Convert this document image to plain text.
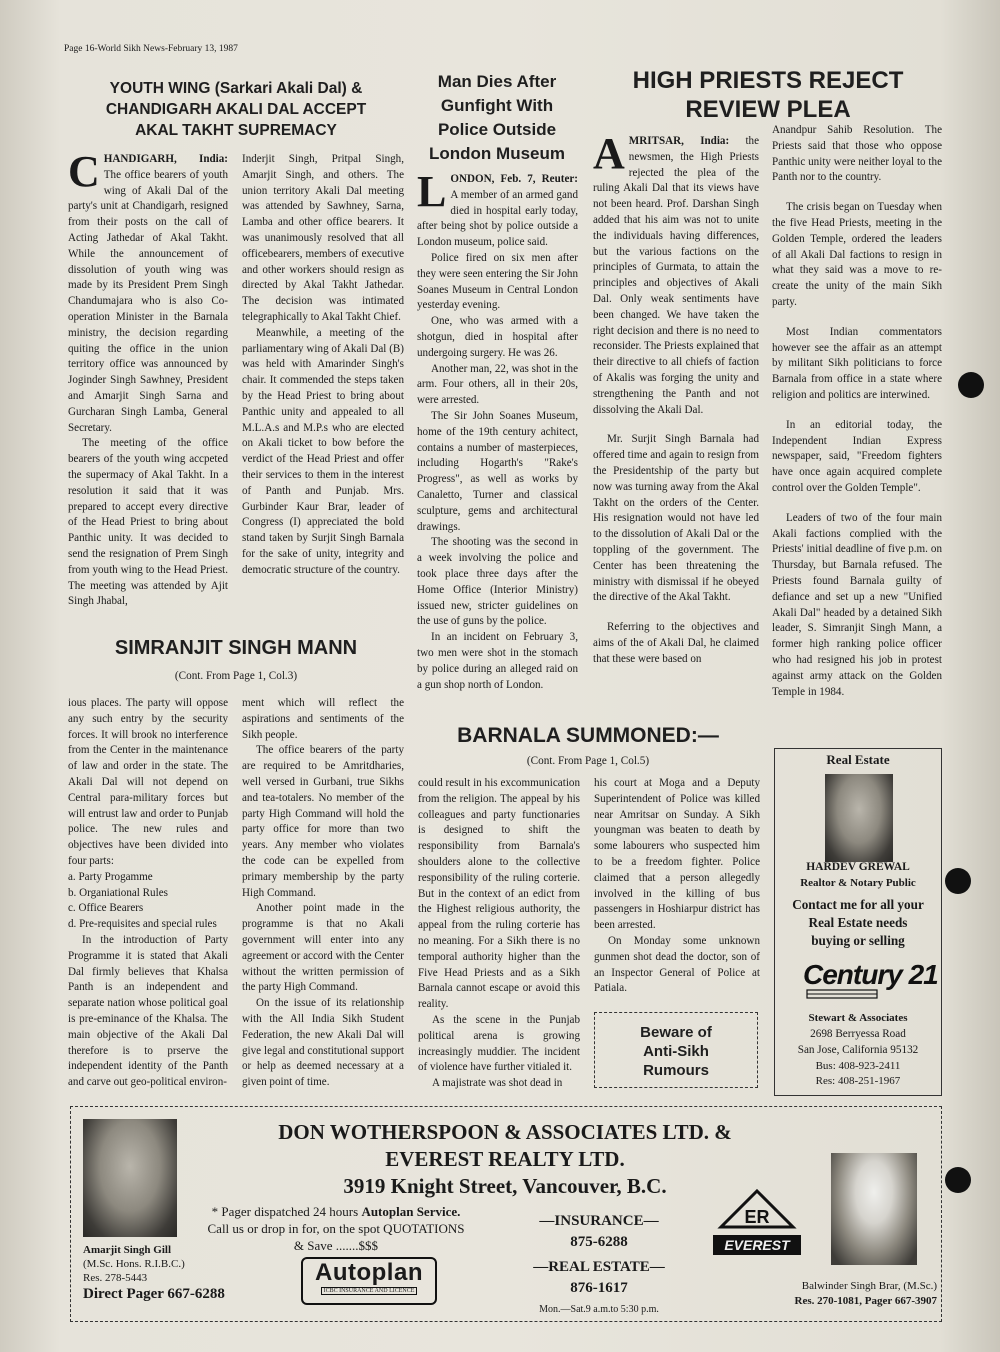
Page 16-World Sikh News-February 13, 1987
YOUTH WING (Sarkari Akali Dal) &
CHANDIGARH AKALI DAL ACCEPT
AKAL TAKHT SUPREMACY

CHANDIGARH, India: The office bearers of youth wing of Akali Dal of the party's unit at Chandigarh, resigned from their posts on the call of Acting Jathedar of Akal Takht. While the announcement of dissolution of youth wing was made by its President Prem Singh Chandumajara who is also Co-operation Minister in the Barnala ministry, the decision regarding quiting the office in the union territory office was announced by Joginder Singh Sawhney, President and Amarjit Singh Sarna and Gurcharan Singh Lamba, General Secretary.

The meeting of the office bearers of the youth wing accpeted the supermacy of Akal Takht. In a resolution it said that it was prepared to accept every directive of the Head Priest to bring about Panthic unity. It was decided to send the resignation of Prem Singh from youth wing to the Head Priest. The meeting was attended by Ajit Singh Jhabal,

Inderjit Singh, Pritpal Singh, Amarjit Singh, and others. The union territory Akali Dal meeting was attended by Sawhney, Sarna, Lamba and other office bearers. It was unanimously resolved that all officebearers, members of executive and other workers should resign as directed by Akal Takht Jathedar. The decision was intimated telegraphically to Akal Takht Chief.

Meanwhile, a meeting of the parliamentary wing of Akali Dal (B) was held with Amarinder Singh's chair. It commended the steps taken by the Head Priest to bring about Panthic unity and appealed to all M.L.A.s and M.P.s who are elected on Akali ticket to bow before the verdict of the Head Priest and offer their services to them in the interest of Panth and Punjab. Mrs. Gurbinder Kaur Brar, leader of Congress (I) appreciated the bold stand taken by Surjit Singh Barnala for the sake of unity, integrity and democratic structure of the country.

Man Dies After
Gunfight With
Police Outside
London Museum

LONDON, Feb. 7, Reuter: A member of an armed gand died in hospital early today, after being shot by police outside a London museum, police said.

Police fired on six men after they were seen entering the Sir John Soanes Museum in Central London yesterday evening.

One, who was armed with a shotgun, died in hospital after undergoing surgery. He was 26.

Another man, 22, was shot in the arm. Four others, all in their 20s, were arrested.

The Sir John Soanes Museum, home of the 19th century achitect, contains a number of masterpieces, including Hogarth's "Rake's Progress", as well as works by Canaletto, Turner and classical sculpture, gems and architectural drawings.

The shooting was the second in a week involving the police and took place three days after the Home Office (Interior Ministry) issued new, stricter guidelines on the use of guns by the police.

In an incident on February 3, two men were shot in the stomach by police during an alleged raid on a gun shop north of London.

HIGH PRIESTS REJECT
REVIEW PLEA

AMRITSAR, India: the newsmen, the High Priests rejected the plea of the ruling Akali Dal that its views have not been heard. Prof. Darshan Singh added that his aim was not to unite the individuals having differences, but the various factions on the principles of Gurmata, to attain the principles and objectives of Akali Dal. Only weak sentiments have been changed. We have taken the right decision and there is no need to reconsider. The Priests explained that their directive to all chiefs of faction of Akalis was forging the unity and strengthening the Panth and not dissolving the Akali Dal.

Mr. Surjit Singh Barnala had offered time and again to resign from the Presidentship of the party but now was turning away from the Akal Takht on the orders of the Center. His resignation would not have led to the dissolution of Akali Dal or the toppling of the government. The Center has been threatening the ministry with dismissal if he obeyed the directive of the Akal Takht.

Referring to the objectives and aims of the of Akali Dal, he claimed that these were based on

Anandpur Sahib Resolution. The Priests said that those who oppose Panthic unity were neither loyal to the Panth nor to the country.

The crisis began on Tuesday when the five Head Priests, meeting in the Golden Temple, ordered the leaders of all Akali Dal factions to resign in what they said was a move to re-create the unity of the main Sikh party.

Most Indian commentators however see the affair as an attempt by militant Sikh politicians to force Barnala from office in a state where religion and politics are interwined.

In an editorial today, the Independent Indian Express newspaper, said, "Freedom fighters have once again acquired complete control over the Golden Temple".

Leaders of two of the four main Akali factions complied with the Priests' initial deadline of five p.m. on Thursday, but Barnala refused. The Priests found Barnala guilty of defiance and set up a new "Unified Akali Dal" headed by a detained Sikh leader, S. Simranjit Singh Mann, a former high ranking police officer who had resigned his job in protest against army attack on the Golden Temple in 1984.

SIMRANJIT SINGH MANN
(Cont. From Page 1, Col.3)

ious places. The party will oppose any such entry by the security forces. It will brook no interference from the Center in the maintenance of law and order in the state. The Akali Dal will not depend on Central para-military forces but will entrust law and order to Punjab police. The new rules and objectives have been divided into four parts:

a. Party Progamme

b. Organiational Rules

c. Office Bearers

d. Pre-requisites and special rules

In the introduction of Party Programme it is stated that Akali Dal firmly believes that Khalsa Panth is an independent and separate nation whose political goal is pre-eminance of the Khalsa. The main objective of the Akali Dal therefore is to prserve the independent identity of the Panth and carve out geo-political environ-

ment which will reflect the aspirations and sentiments of the Sikh people.

The office bearers of the party are required to be Amritdharies, well versed in Gurbani, true Sikhs and tea-totalers. No member of the party High Command will hold the party office for more than two years. Any member who violates the code can be expelled from primary membership by the party High Command.

Another point made in the programme is that no Akali government will enter into any agreement or accord with the Center without the written permission of the party High Command.

On the issue of its relationship with the All India Sikh Student Federation, the new Akali Dal will give legal and constitutional support or help as deemed necessary at a given point of time.

BARNALA SUMMONED:—
(Cont. From Page 1, Col.5)

could result in his excommunication from the religion. The appeal by his colleagues and party functionaries is designed to shift the responsibility from Barnala's shoulders alone to the collective responsibility of the ruling corterie. But in the context of an edict from the Highest religious authority, the appeal from the ruling corterie has no meaning. For a Sikh there is no temporal authority higher than the Five Head Priests and as a Sikh Barnala cannot escape or avoid this reality.

As the scene in the Punjab political arena is growing increasingly muddier. The incident of violence have further vitialed it.

A majistrate was shot dead in

his court at Moga and a Deputy Superintendent of Police was killed near Amritsar on Sunday. A Sikh youngman was beaten to death by some labourers who suspected him to be a freedom fighter. Police claimed that a person allegedly involved in the killing of bus passengers in Hoshiarpur district has been arrested.

On Monday some unknown gunmen shot dead the doctor, son of an Inspector General of Police at Patiala.

Beware of
Anti-Sikh
Rumours
Real Estate
HARDEV GREWAL
Realtor & Notary Public
Contact me for all your
Real Estate needs
buying or selling
Century 21
Stewart & Associates
2698 Berryessa Road
San Jose, California 95132
Bus: 408-923-2411
Res: 408-251-1967
DON WOTHERSPOON & ASSOCIATES LTD. &
EVEREST REALTY LTD.
3919 Knight Street, Vancouver, B.C.
* Pager dispatched 24 hours Autoplan Service.
Call us or drop in for, on the spot QUOTATIONS
& Save .......$$$
Autoplan
ICBC INSURANCE AND LICENCE
—INSURANCE—
875-6288
—REAL ESTATE—
876-1617
Mon.—Sat.9 a.m.to 5:30 p.m.
ER
EVEREST
Amarjit Singh Gill
(M.Sc. Hons. R.I.B.C.)
Res. 278-5443
Direct Pager 667-6288	Balwinder Singh Brar, (M.Sc.)
Res. 270-1081, Pager 667-3907
